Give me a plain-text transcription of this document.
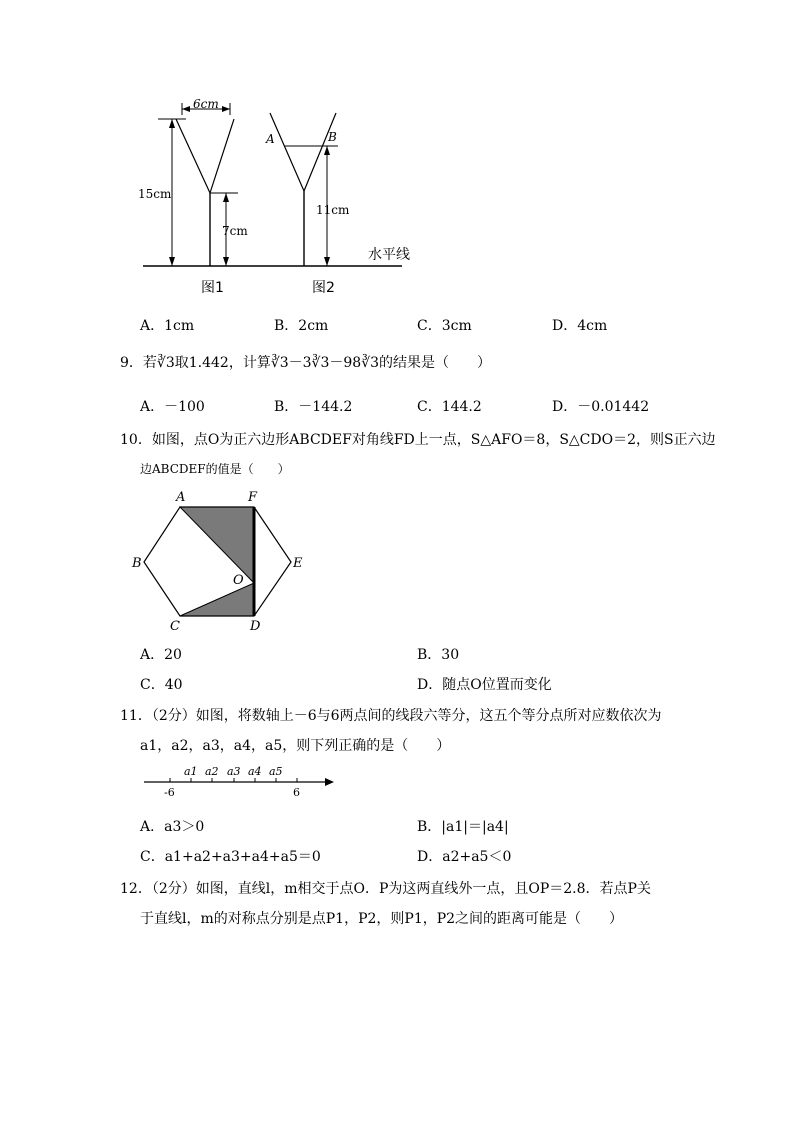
6cm
15cm
7cm
A	B
11cm
水平线
图1	图2
A．1cm	B．2cm	C．3cm	D．4cm
9．若∛3取1.442，计算∛3－3∛3－98∛3的结果是（　　）
A．－100	B．－144.2	C．144.2	D．－0.01442
10．如图，点O为正六边形ABCDEF对角线FD上一点，S△AFO＝8，S△CDO＝2，则S正六边
边ABCDEF的值是（　　）
A	F
B	E
O
C	D
A．20	B．30
C．40	D．随点O位置而变化
11．（2分）如图，将数轴上－6与6两点间的线段六等分，这五个等分点所对应数依次为
a1，a2，a3，a4，a5，则下列正确的是（　　）
-6	6
a1 a2 a3 a4 a5
A．a3＞0	B．|a1|＝|a4|
C．a1+a2+a3+a4+a5＝0	D．a2+a5＜0
12．（2分）如图，直线l，m相交于点O．P为这两直线外一点，且OP＝2.8．若点P关
于直线l，m的对称点分别是点P1，P2，则P1，P2之间的距离可能是（　　）
